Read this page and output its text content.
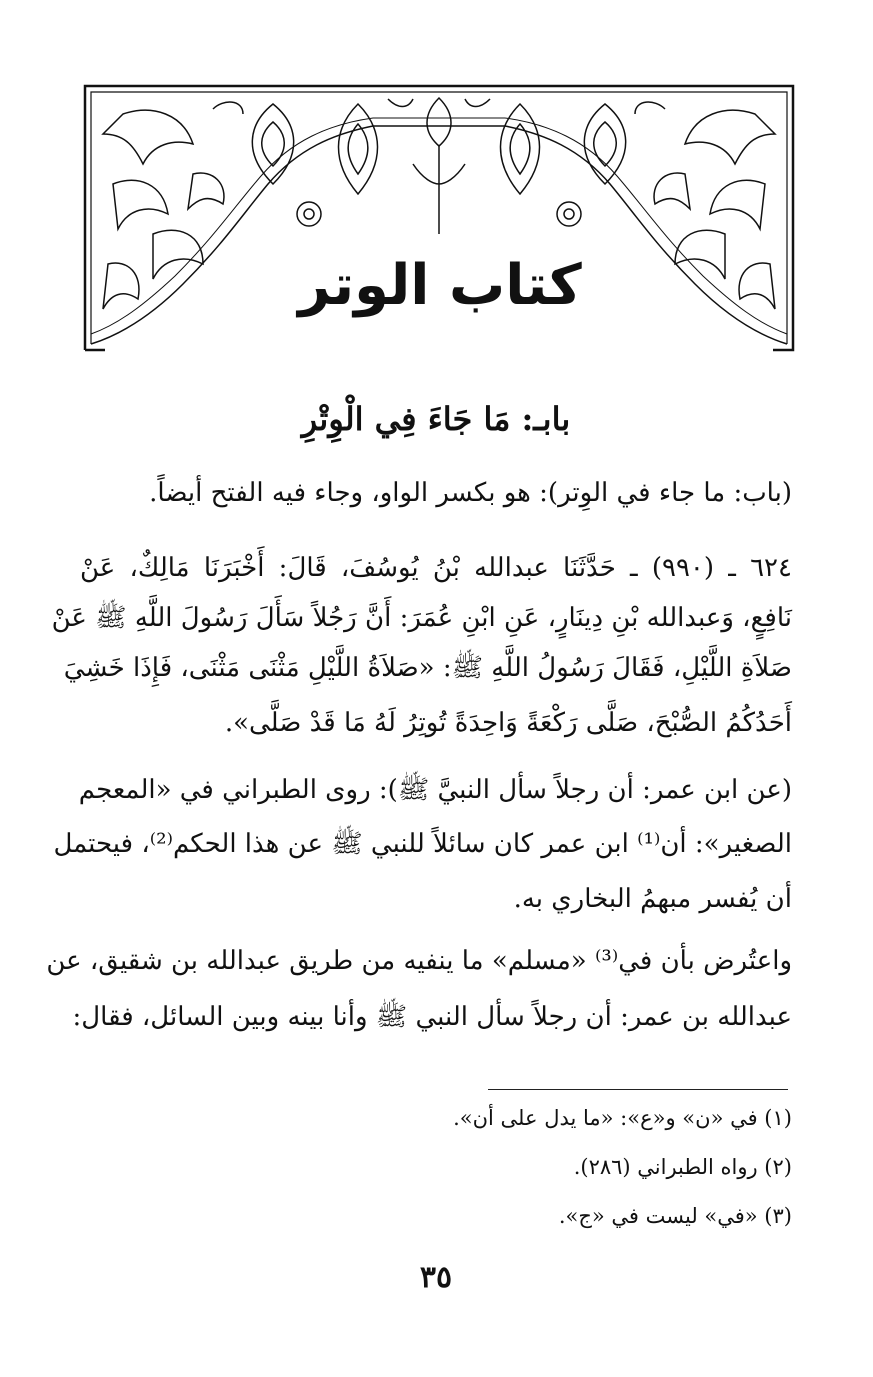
كتاب الوتر
بابـ: مَا جَاءَ فِي الْوِتْرِ
(باب: ما جاء في الوِتر): هو بكسر الواو، وجاء فيه الفتح أيضاً.
٦٢٤ ـ (٩٩٠) ـ حَدَّثَنَا عبدالله بْنُ يُوسُفَ، قَالَ: أَخْبَرَنَا مَالِكٌ، عَنْ
نَافِعٍ، وَعبدالله بْنِ دِينَارٍ، عَنِ ابْنِ عُمَرَ: أَنَّ رَجُلاً سَأَلَ رَسُولَ اللَّهِ ﷺ عَنْ
صَلاَةِ اللَّيْلِ، فَقَالَ رَسُولُ اللَّهِ ﷺ: «صَلاَةُ اللَّيْلِ مَثْنَى مَثْنَى، فَإِذَا خَشِيَ
أَحَدُكُمُ الصُّبْحَ، صَلَّى رَكْعَةً وَاحِدَةً تُوتِرُ لَهُ مَا قَدْ صَلَّى».
(عن ابن عمر: أن رجلاً سأل النبيَّ ﷺ): روى الطبراني في «المعجم
الصغير»: أن⁽¹⁾ ابن عمر كان سائلاً للنبي ﷺ عن هذا الحكم⁽²⁾، فيحتمل
أن يُفسر مبهمُ البخاري به.
واعتُرض بأن في⁽³⁾ «مسلم» ما ينفيه من طريق عبدالله بن شقيق، عن
عبدالله بن عمر: أن رجلاً سأل النبي ﷺ وأنا بينه وبين السائل، فقال:
(١) في «ن» و«ع»: «ما يدل على أن».
(٢) رواه الطبراني (٢٨٦).
(٣) «في» ليست في «ج».
٣٥
